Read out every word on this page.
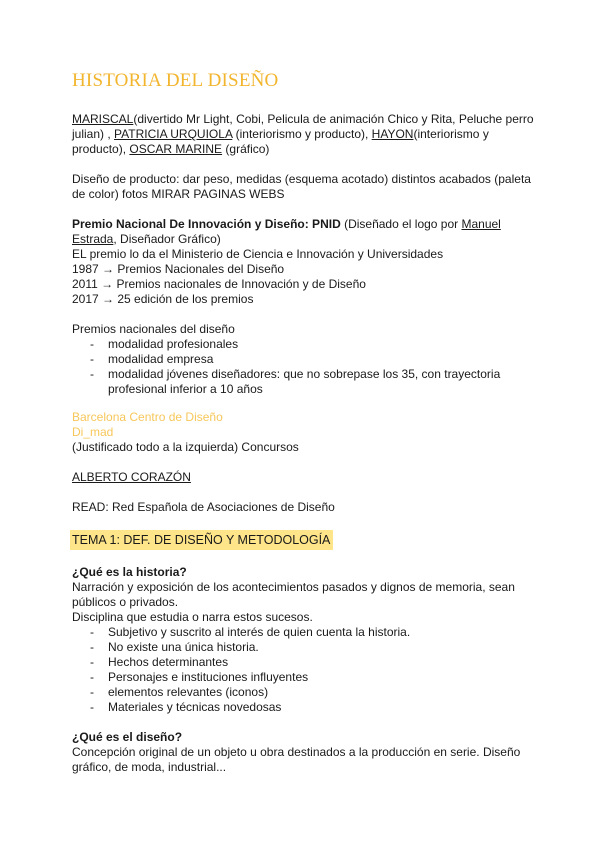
HISTORIA DEL DISEÑO

MARISCAL(divertido Mr Light, Cobi, Pelicula de animación Chico y Rita, Peluche perro julian) , PATRICIA URQUIOLA (interiorismo y producto), HAYON(interiorismo y producto), OSCAR MARINE (gráfico)

Diseño de producto: dar peso, medidas (esquema acotado) distintos acabados (paleta de color) fotos MIRAR PAGINAS WEBS

Premio Nacional De Innovación y Diseño: PNID (Diseñado el logo por Manuel Estrada, Diseñador Gráfico)

EL premio lo da el Ministerio de Ciencia e Innovación y Universidades

1987 → Premios Nacionales del Diseño

2011 → Premios nacionales de Innovación y de Diseño

2017 → 25 edición de los premios

Premios nacionales del diseño

- modalidad profesionales
- modalidad empresa
- modalidad jóvenes diseñadores: que no sobrepase los 35, con trayectoria profesional inferior a 10 años

Barcelona Centro de Diseño

Di_mad

(Justificado todo a la izquierda) Concursos

ALBERTO CORAZÓN

READ: Red Española de Asociaciones de Diseño

TEMA 1: DEF. DE DISEÑO Y METODOLOGÍA

¿Qué es la historia?

Narración y exposición de los acontecimientos pasados y dignos de memoria, sean públicos o privados.

Disciplina que estudia o narra estos sucesos.

- Subjetivo y suscrito al interés de quien cuenta la historia.
- No existe una única historia.
- Hechos determinantes
- Personajes e instituciones influyentes
- elementos relevantes (iconos)
- Materiales y técnicas novedosas

¿Qué es el diseño?

Concepción original de un objeto u obra destinados a la producción en serie. Diseño gráfico, de moda, industrial...
